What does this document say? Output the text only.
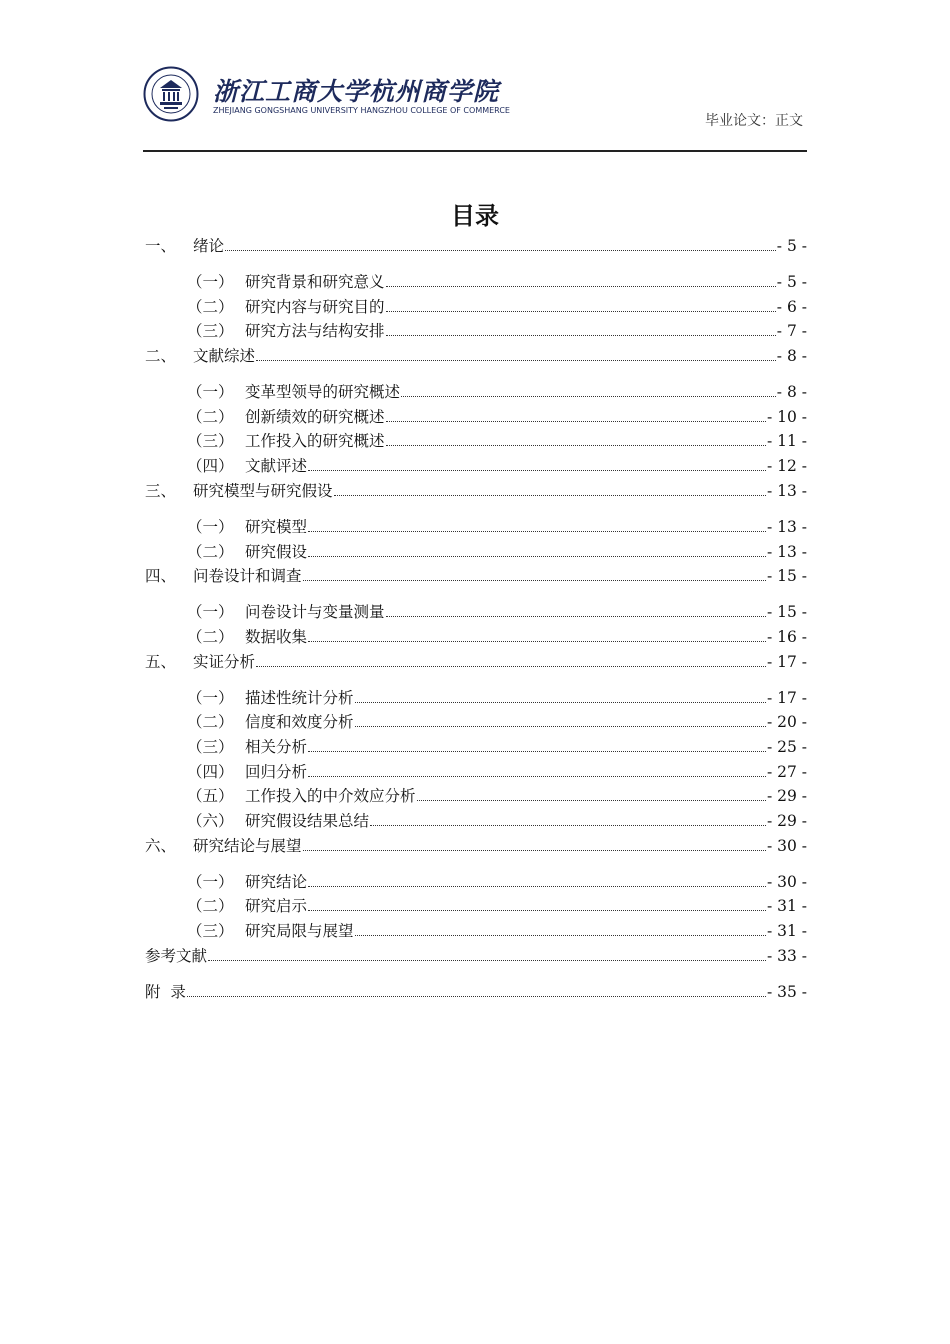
浙江工商大学杭州商学院
ZHEJIANG GONGSHANG UNIVERSITY HANGZHOU COLLEGE OF COMMERCE
毕业论文：正文
目录
一、	绪论	- 5 -
（一） 研究背景和研究意义	- 5 -
（二） 研究内容与研究目的	- 6 -
（三） 研究方法与结构安排	- 7 -
二、	文献综述	- 8 -
（一） 变革型领导的研究概述	- 8 -
（二） 创新绩效的研究概述	- 10 -
（三） 工作投入的研究概述	- 11 -
（四） 文献评述	- 12 -
三、	研究模型与研究假设	- 13 -
（一） 研究模型	- 13 -
（二） 研究假设	- 13 -
四、	问卷设计和调查	- 15 -
（一） 问卷设计与变量测量	- 15 -
（二） 数据收集	- 16 -
五、	实证分析	- 17 -
（一） 描述性统计分析	- 17 -
（二） 信度和效度分析	- 20 -
（三） 相关分析	- 25 -
（四） 回归分析	- 27 -
（五） 工作投入的中介效应分析	- 29 -
（六） 研究假设结果总结	- 29 -
六、	研究结论与展望	- 30 -
（一） 研究结论	- 30 -
（二） 研究启示	- 31 -
（三） 研究局限与展望	- 31 -
参考文献	- 33 -
附  录	- 35 -
